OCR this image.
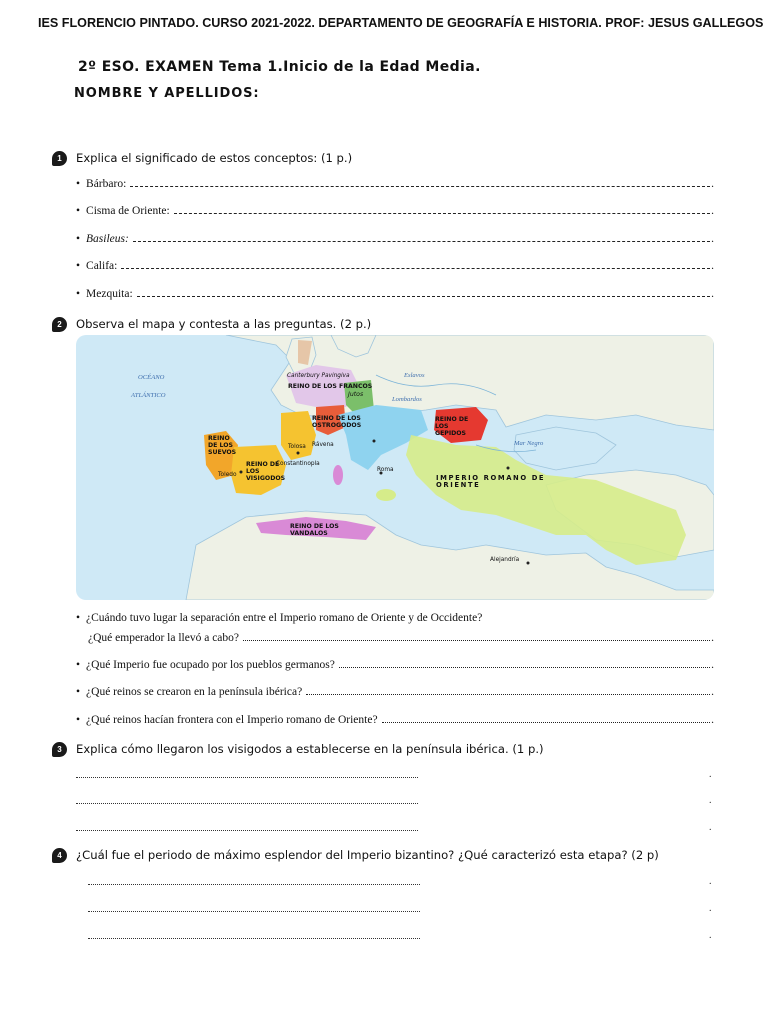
IES FLORENCIO PINTADO. CURSO 2021-2022. DEPARTAMENTO DE GEOGRAFÍA E HISTORIA. PROF: JESUS GALLEGOS
2º ESO. EXAMEN Tema 1.Inicio de la Edad Media.
NOMBRE Y APELLIDOS:
1	Explica el significado de estos conceptos: (1 p.)
• Bárbaro:	.
• Cisma de Oriente:	.
• Basileus:	.
• Califa:	.
• Mezquita:	.
2	Observa el mapa y contesta a las preguntas. (2 p.)
OCÉANO
ATLÁNTICO
Mar Negro
Eslavos
Lombardos
Canterbury Pavingiva
REINO DE LOS FRANCOS
Jutos
REINO DE LOS OSTROGODOS
REINO DE LOS GEPIDOS
REINO DE LOS SUEVOS
REINO DE LOS VISIGODOS
REINO DE LOS VANDALOS
IMPERIO ROMANO DE ORIENTE
Tolosa Rávena
Roma
Toledo
Constantinopla
Alejandría
• ¿Cuándo tuvo lugar la separación entre el Imperio romano de Oriente y de Occidente?
¿Qué emperador la llevó a cabo?	.
• ¿Qué Imperio fue ocupado por los pueblos germanos?	.
• ¿Qué reinos se crearon en la península ibérica?	.
• ¿Qué reinos hacían frontera con el Imperio romano de Oriente?	.
3	Explica cómo llegaron los visigodos a establecerse en la península ibérica. (1 p.)
.
.
.
4	¿Cuál fue el periodo de máximo esplendor del Imperio bizantino? ¿Qué caracterizó esta etapa? (2 p)
.
.
.
